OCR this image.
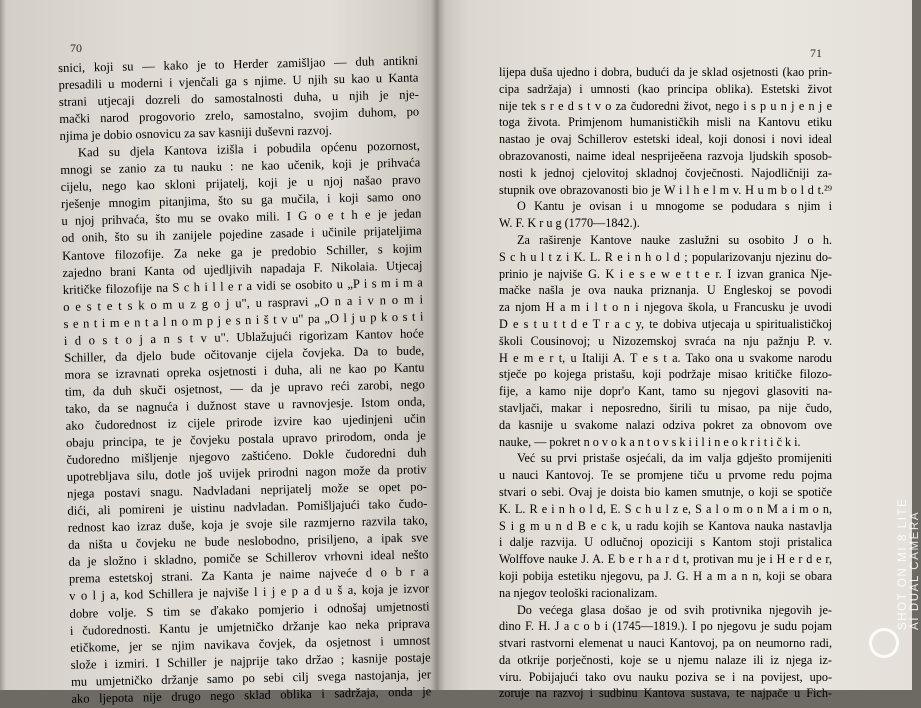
70	71
snici, koji su — kako je to Herder zamišljao — duh antikni
presadili u moderni i vjenčali ga s njime. U njih su kao u Kanta
strani utjecaji dozreli do samostalnosti duha, u njih je nje-
mački narod progovorio zrelo, samostalno, svojim duhom, po
njima je dobio osnovicu za sav kasniji duševni razvoj.
Kad su djela Kantova izišla i pobudila općenu pozornost,
mnogi se zanio za tu nauku : ne kao učenik, koji je prihvaća
cijelu, nego kao skloni prijatelj, koji je u njoj našao pravo
rješenje mnogim pitanjima, što su ga mučila, i koji samo ono
u njoj prihvaća, što mu se ovako mili. I G o e t h e je jedan
od onih, što su ih zanijele pojedine zasade i učinile prijateljima
Kantove filozofije. Za neke ga je predobio Schiller, s kojim
zajedno brani Kanta od ujedljivih napadaja F. Nikolaia. Utjecaj
kritičke filozofije na S c h i l l e r a vidi se osobito u „P i s m i m a
o e s t e t s k o m u z g o j u", u raspravi „O n a i v n o m i
s e n t i m e n t a l n o m p j e s n i š t v u" pa „O l j u p k o s t i
i d o s t o j a n s t v u". Ublažujući rigorizam Kantov hoće
Schiller, da djelo bude očitovanje cijela čovjeka. Da to bude,
mora se izravnati opreka osjetnosti i duha, ali ne kao po Kantu
tim, da duh skuči osjetnost, — da je upravo reći zarobi, nego
tako, da se nagnuća i dužnost stave u ravnovjesje. Istom onda,
ako čudorednost iz cijele prirode izvire kao ujedinjeni učin
obaju principa, te je čovjeku postala upravo prirodom, onda je
čudoredno mišljenje njegovo zaštićeno. Dokle čudoredni duh
upotrebljava silu, dotle još uvijek prirodni nagon može da protiv
njega postavi snagu. Nadvladani neprijatelj može se opet po-
dići, ali pomireni je uistinu nadvladan. Pomišljajući tako čudo-
rednost kao izraz duše, koja je svoje sile razmjerno razvila tako,
da ništa u čovjeku ne bude neslobodno, prisiljeno, a ipak sve
da je složno i skladno, pomiče se Schillerov vrhovni ideal nešto
prema estetskoj strani. Za Kanta je naime najveće d o b r a
v o l j a, kod Schillera je najviše l i j e p a d u š a, koja je izvor
dobre volje. S tim se ďakako pomjerio i odnošaj umjetnosti
i čudorednosti. Kantu je umjetničko držanje kao neka priprava
etičkome, jer se njim navikava čovjek, da osjetnost i umnost
slože i izmiri. I Schiller je najprije tako držao ; kasnije postaje
mu umjetničko držanje samo po sebi cilj svega nastojanja, jer
ako ljepota nije drugo nego sklad oblika i sadržaja, onda je
lijepa duša ujedno i dobra, budući da je sklad osjetnosti (kao prin-
cipa sadržaja) i umnosti (kao principa oblika). Estetski život
nije tek s r e d s t v o za čudoredni život, nego i s p u n j e n j e
toga života. Primjenom humanističkih misli na Kantovu etiku
nastao je ovaj Schillerov estetski ideal, koji donosi i novi ideal
obrazovanosti, naime ideal nesprijeěena razvoja ljudskih sposob-
nosti k jednoj cjelovitoj skladnoj čovječnosti. Najodličniji za-
stupnik ove obrazovanosti bio je W i l h e l m v. H u m b o l d t.²⁹
O Kantu je ovisan i u mnogome se podudara s njim i
W. F. K r u g (1770—1842.).
Za raširenje Kantove nauke zaslužni su osobito J o h.
S c h u l t z i K. L. R e i n h o l d ; popularizovanju njezinu do-
prinio je najviše G. K i e s e w e t t e r. I izvan granica Nje-
mačke našla je ova nauka priznanja. U Engleskoj se povodi
za njom H a m i l t o n i njegova škola, u Francusku je uvodi
D e s t u t t d e T r a c y, te dobiva utjecaja u spiritualističkoj
školi Cousinovoj; u Nizozemskoj svraća na nju pažnju P. v.
H e m e r t, u Italiji A. T e s t a. Tako ona u svakome narodu
stječe po kojega pristašu, koji podržaje misao kritičke filozo-
fije, a kamo nije dopr'o Kant, tamo su njegovi glasoviti na-
stavljači, makar i neposredno, širili tu misao, pa nije čudo,
da kasnije u svakome nalazi odziva pokret za obnovom ove
nauke, — pokret n o v o k a n t o v s k i i l i n e o k r i t i č k i.
Već su prvi pristaše osjećali, da im valja gdješto promijeniti
u nauci Kantovoj. Te se promjene tiču u prvome redu pojma
stvari o sebi. Ovaj je doista bio kamen smutnje, o koji se spotiče
K. L. R e i n h o l d, E. S c h u l z e, S a l o m o n M a i m o n,
S i g m u n d B e c k, u radu kojih se Kantova nauka nastavlja
i dalje razvija. U odlučnoj opoziciji s Kantom stoji pristalica
Wolffove nauke J. A. E b e r h a r d t, protivan mu je i H e r d e r,
koji pobija estetiku njegovu, pa J. G. H a m a n n, koji se obara
na njegov teološki racionalizam.
Do većega glasa došao je od svih protivnika njegovih je-
dino F. H. J a c o b i (1745—1819.). I po njegovu je sudu pojam
stvari rastvorni elemenat u nauci Kantovoj, pa on neumorno radi,
da otkrije porječnosti, koje se u njemu nalaze ili iz njega iz-
viru. Pobijajući tako ovu nauku poziva se i na povijest, upo-
zoruje na razvoj i sudbinu Kantova sustava, te najpače u Fich-
SHOT ON MI 8 LITE AI DUAL CAMERA
